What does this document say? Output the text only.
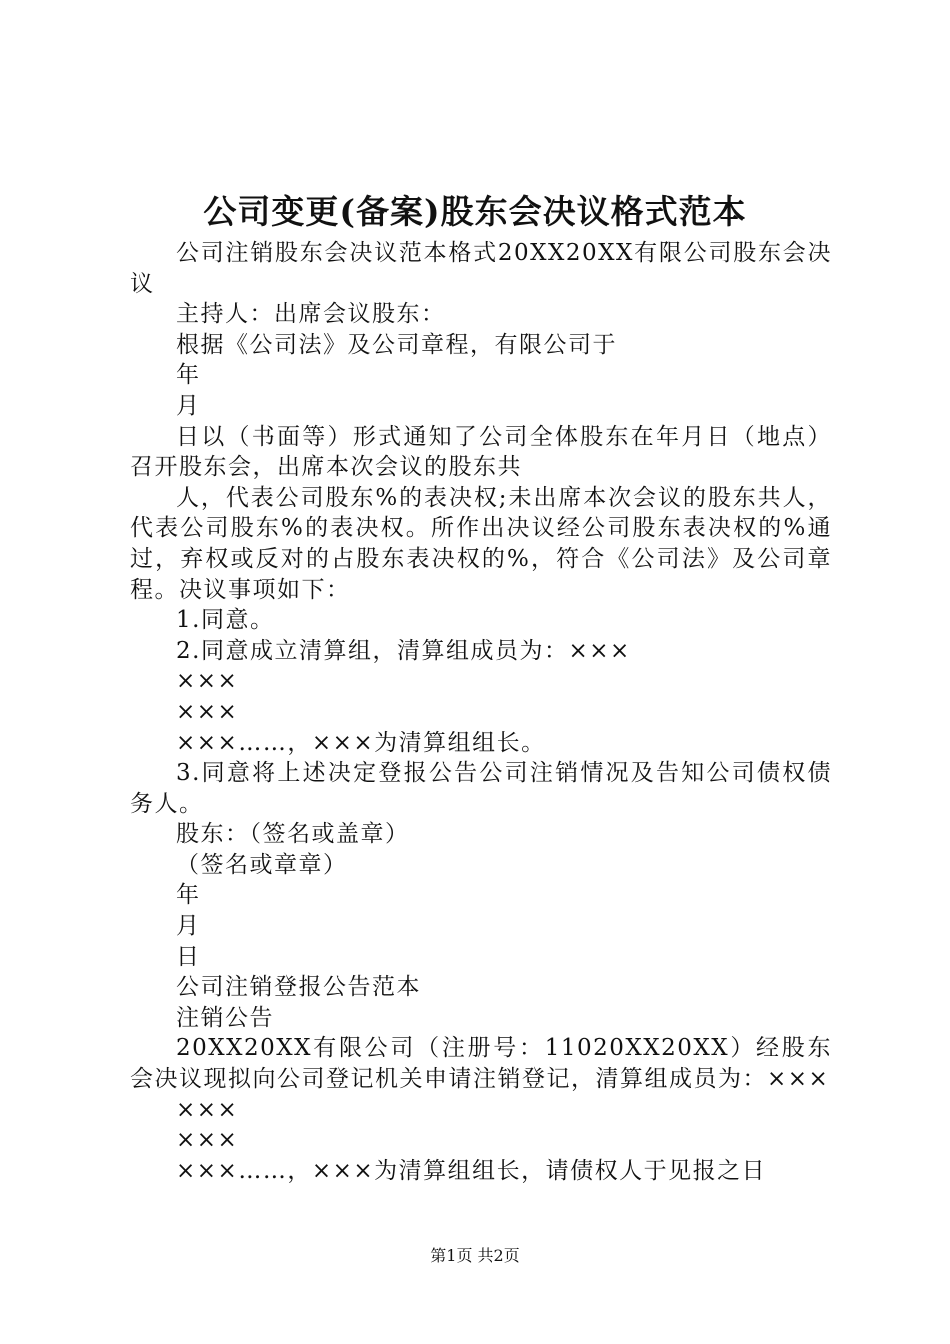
公司变更(备案)股东会决议格式范本

公司注销股东会决议范本格式20XX20XX有限公司股东会决议

主持人：出席会议股东：

根据《公司法》及公司章程，有限公司于

年

月

日以（书面等）形式通知了公司全体股东在年月日（地点）召开股东会，出席本次会议的股东共

人，代表公司股东%的表决权;未出席本次会议的股东共人，代表公司股东%的表决权。所作出决议经公司股东表决权的%通过，弃权或反对的占股东表决权的%，符合《公司法》及公司章程。决议事项如下：

1.同意。

2.同意成立清算组，清算组成员为：×××

×××

×××

×××……，×××为清算组组长。

3.同意将上述决定登报公告公司注销情况及告知公司债权债务人。

股东：（签名或盖章）

（签名或章章）

年

月

日

公司注销登报公告范本

注销公告

20XX20XX有限公司（注册号：11020XX20XX）经股东会决议现拟向公司登记机关申请注销登记，清算组成员为：×××

×××

×××

×××……，×××为清算组组长，请债权人于见报之日

第1页 共2页
